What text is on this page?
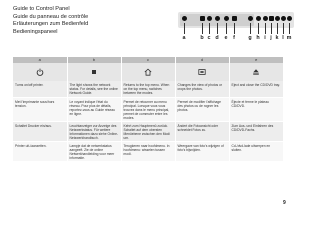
Guide to Control Panel
Guide du panneau de contrôle
Erläuterungen zum Bedienfeld
Bedieningspaneel
a	b c d	e	f	g h i j k l m
a	b	c	d	e

Turns on/off printer.	The light shows the network status. For details, see the online Network Guide.	Returns to the top menu. When on the top menu, switches between the modes.	Changes the view of photos or crops the photos.	Eject and close the CD/DVD tray.
Met l'imprimante sous/hors tension.	Le voyant indique l'état du réseau. Pour plus de détails, reportez-vous au Guide réseau en ligne.	Permet de retourner au menu principal. Lorsque vous vous trouvez dans le menu principal, permet de commuter entre les modes.	Permet de modifier l'affichage des photos ou de rogner les photos.	Éjecte et ferme le plateau CD/DVD.
Schaltet Drucker ein/aus.	Leuchtanzeiger zur Anzeige des Netzwerkstatus. Für weitere Informationen dazu siehe Online-Netzwerkhandbuch.	Kehrt zum Hauptmenü zurück. Schaltet auf dem obersten Menüebene zwischen den Modi um.	Ändert die Fotoansicht oder schneidet Fotos zu.	Zum Aus- und Einfahren des CD/DVD-Fachs.
Printer uit-/aanzetten.	Lampje dat de netwerkstatus aangeeft. Zie de online Netwerkhandleiding voor meer informatie.	Terugkeren naar hoofdmenu. In hoofdmenu: wisselen tussen modi.	Weergave van foto's wijzigen of foto's bijsnijden.	Cd-/dvd-lade uitwerpen en sluiten.
9
